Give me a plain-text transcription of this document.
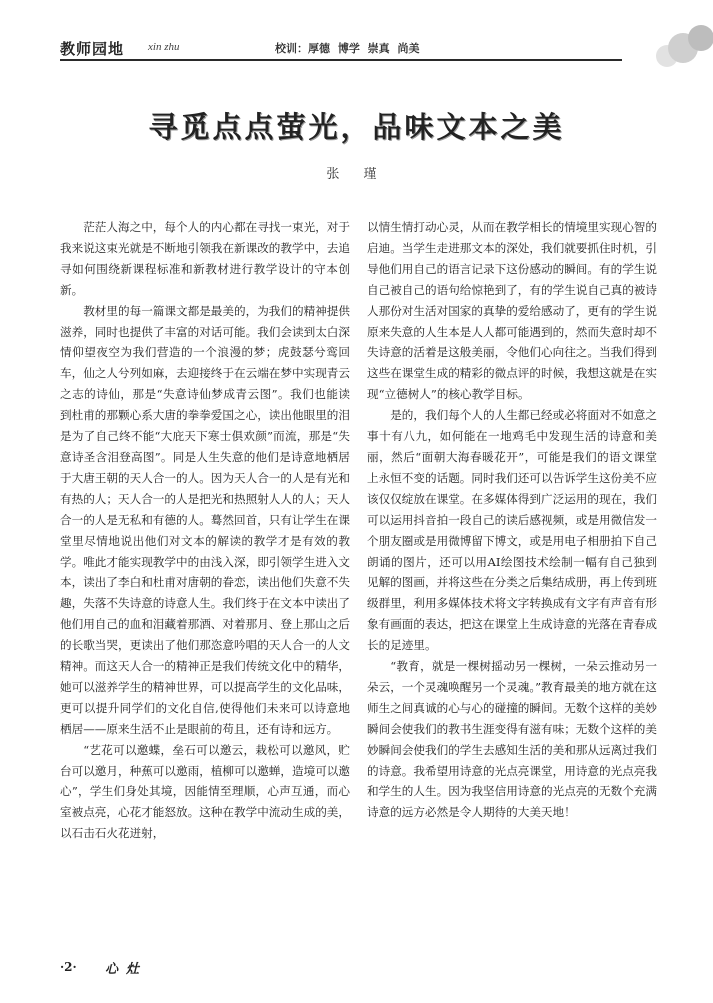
教师园地 xin zhu	校训：厚德 博学 崇真 尚美
寻觅点点萤光，品味文本之美
张 瑾

茫茫人海之中，每个人的内心都在寻找一束光，对于我来说这束光就是不断地引领我在新课改的教学中，去追寻如何围绕新课程标准和新教材进行教学设计的守本创新。

教材里的每一篇课文都是最美的，为我们的精神提供滋养，同时也提供了丰富的对话可能。我们会读到太白深情仰望夜空为我们营造的一个浪漫的梦；虎鼓瑟兮鸾回车，仙之人兮列如麻，去迎接终于在云端在梦中实现青云之志的诗仙，那是“失意诗仙梦成青云图”。我们也能读到杜甫的那颗心系大唐的拳拳爱国之心，读出他眼里的泪是为了自己终不能“大庇天下寒士俱欢颜”而流，那是“失意诗圣含泪登高图”。同是人生失意的他们是诗意地栖居于大唐王朝的天人合一的人。因为天人合一的人是有光和有热的人；天人合一的人是把光和热照射人人的人；天人合一的人是无私和有德的人。蓦然回首，只有让学生在课堂里尽情地说出他们对文本的解读的教学才是有效的教学。唯此才能实现教学中的由浅入深，即引领学生进入文本，读出了李白和杜甫对唐朝的眷恋，读出他们失意不失趣，失落不失诗意的诗意人生。我们终于在文本中读出了他们用自己的血和泪藏着那酒、对着那月、登上那山之后的长歌当哭，更读出了他们那恣意吟唱的天人合一的人文精神。而这天人合一的精神正是我们传统文化中的精华，她可以滋养学生的精神世界，可以提高学生的文化品味，更可以提升同学们的文化自信,使得他们未来可以诗意地栖居——原来生活不止是眼前的苟且，还有诗和远方。

“艺花可以邀蝶，垒石可以邀云，栽松可以邀风，贮台可以邀月，种蕉可以邀雨，植柳可以邀蝉，造境可以邀心”，学生们身处其境，因能情至理顺，心声互通，而心室被点亮，心花才能怒放。这种在教学中流动生成的美，以石击石火花迸射，

以情生情打动心灵，从而在教学相长的情境里实现心智的启迪。当学生走进那文本的深处，我们就要抓住时机，引导他们用自己的语言记录下这份感动的瞬间。有的学生说自己被自己的语句给惊艳到了，有的学生说自己真的被诗人那份对生活对国家的真挚的爱给感动了，更有的学生说原来失意的人生本是人人都可能遇到的，然而失意时却不失诗意的活着是这般美丽，令他们心向往之。当我们得到这些在课堂生成的精彩的微点评的时候，我想这就是在实现“立德树人”的核心教学目标。

是的，我们每个人的人生都已经或必将面对不如意之事十有八九，如何能在一地鸡毛中发现生活的诗意和美丽，然后“面朝大海春暖花开”，可能是我们的语文课堂上永恒不变的话题。同时我们还可以告诉学生这份美不应该仅仅绽放在课堂。在多媒体得到广泛运用的现在，我们可以运用抖音拍一段自己的读后感视频，或是用微信发一个朋友圈或是用微博留下博文，或是用电子相册拍下自己朗诵的图片，还可以用AI绘图技术绘制一幅有自己独到见解的图画，并将这些在分类之后集结成册，再上传到班级群里，利用多媒体技术将文字转换成有文字有声音有形象有画面的表达，把这在课堂上生成诗意的光落在青春成长的足迹里。

“教育，就是一棵树摇动另一棵树，一朵云推动另一朵云，一个灵魂唤醒另一个灵魂。”教育最美的地方就在这师生之间真诚的心与心的碰撞的瞬间。无数个这样的美妙瞬间会使我们的教书生涯变得有滋有味；无数个这样的美妙瞬间会使我们的学生去感知生活的美和那从远离过我们的诗意。我希望用诗意的光点亮课堂，用诗意的光点亮我和学生的人生。因为我坚信用诗意的光点亮的无数个充满诗意的远方必然是令人期待的大美天地！

·2· 心灶
